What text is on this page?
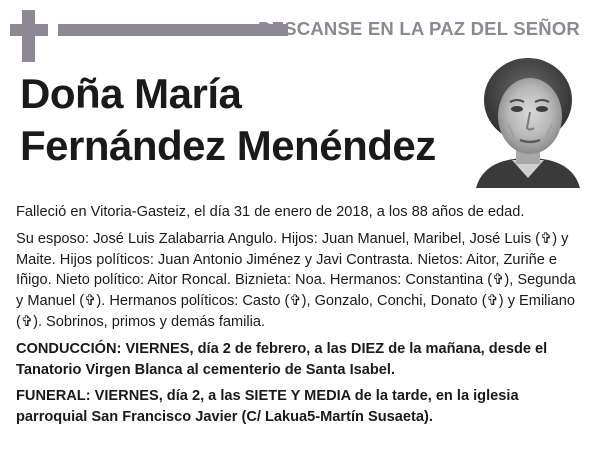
DESCANSE EN LA PAZ DEL SEÑOR
Doña María
Fernández Menéndez

Falleció en Vitoria-Gasteiz, el día 31 de enero de 2018, a los 88 años de edad.

Su esposo: José Luis Zalabarria Angulo. Hijos: Juan Manuel, Maribel, José Luis (✞) y Maite. Hijos políticos: Juan Antonio Jiménez y Javi Contrasta. Nietos: Aitor, Zuriñe e Iñigo. Nieto político: Aitor Roncal. Biznieta: Noa. Hermanos: Constantina (✞), Segunda y Manuel (✞). Hermanos políticos: Casto (✞), Gonzalo, Conchi, Donato (✞) y Emiliano (✞). Sobrinos, primos y demás familia.

CONDUCCIÓN: VIERNES, día 2 de febrero, a las DIEZ de la mañana, desde el Tanatorio Virgen Blanca al cementerio de Santa Isabel.

FUNERAL: VIERNES, día 2, a las SIETE Y MEDIA de la tarde, en la iglesia parroquial San Francisco Javier (C/ Lakua5-Martín Susaeta).
